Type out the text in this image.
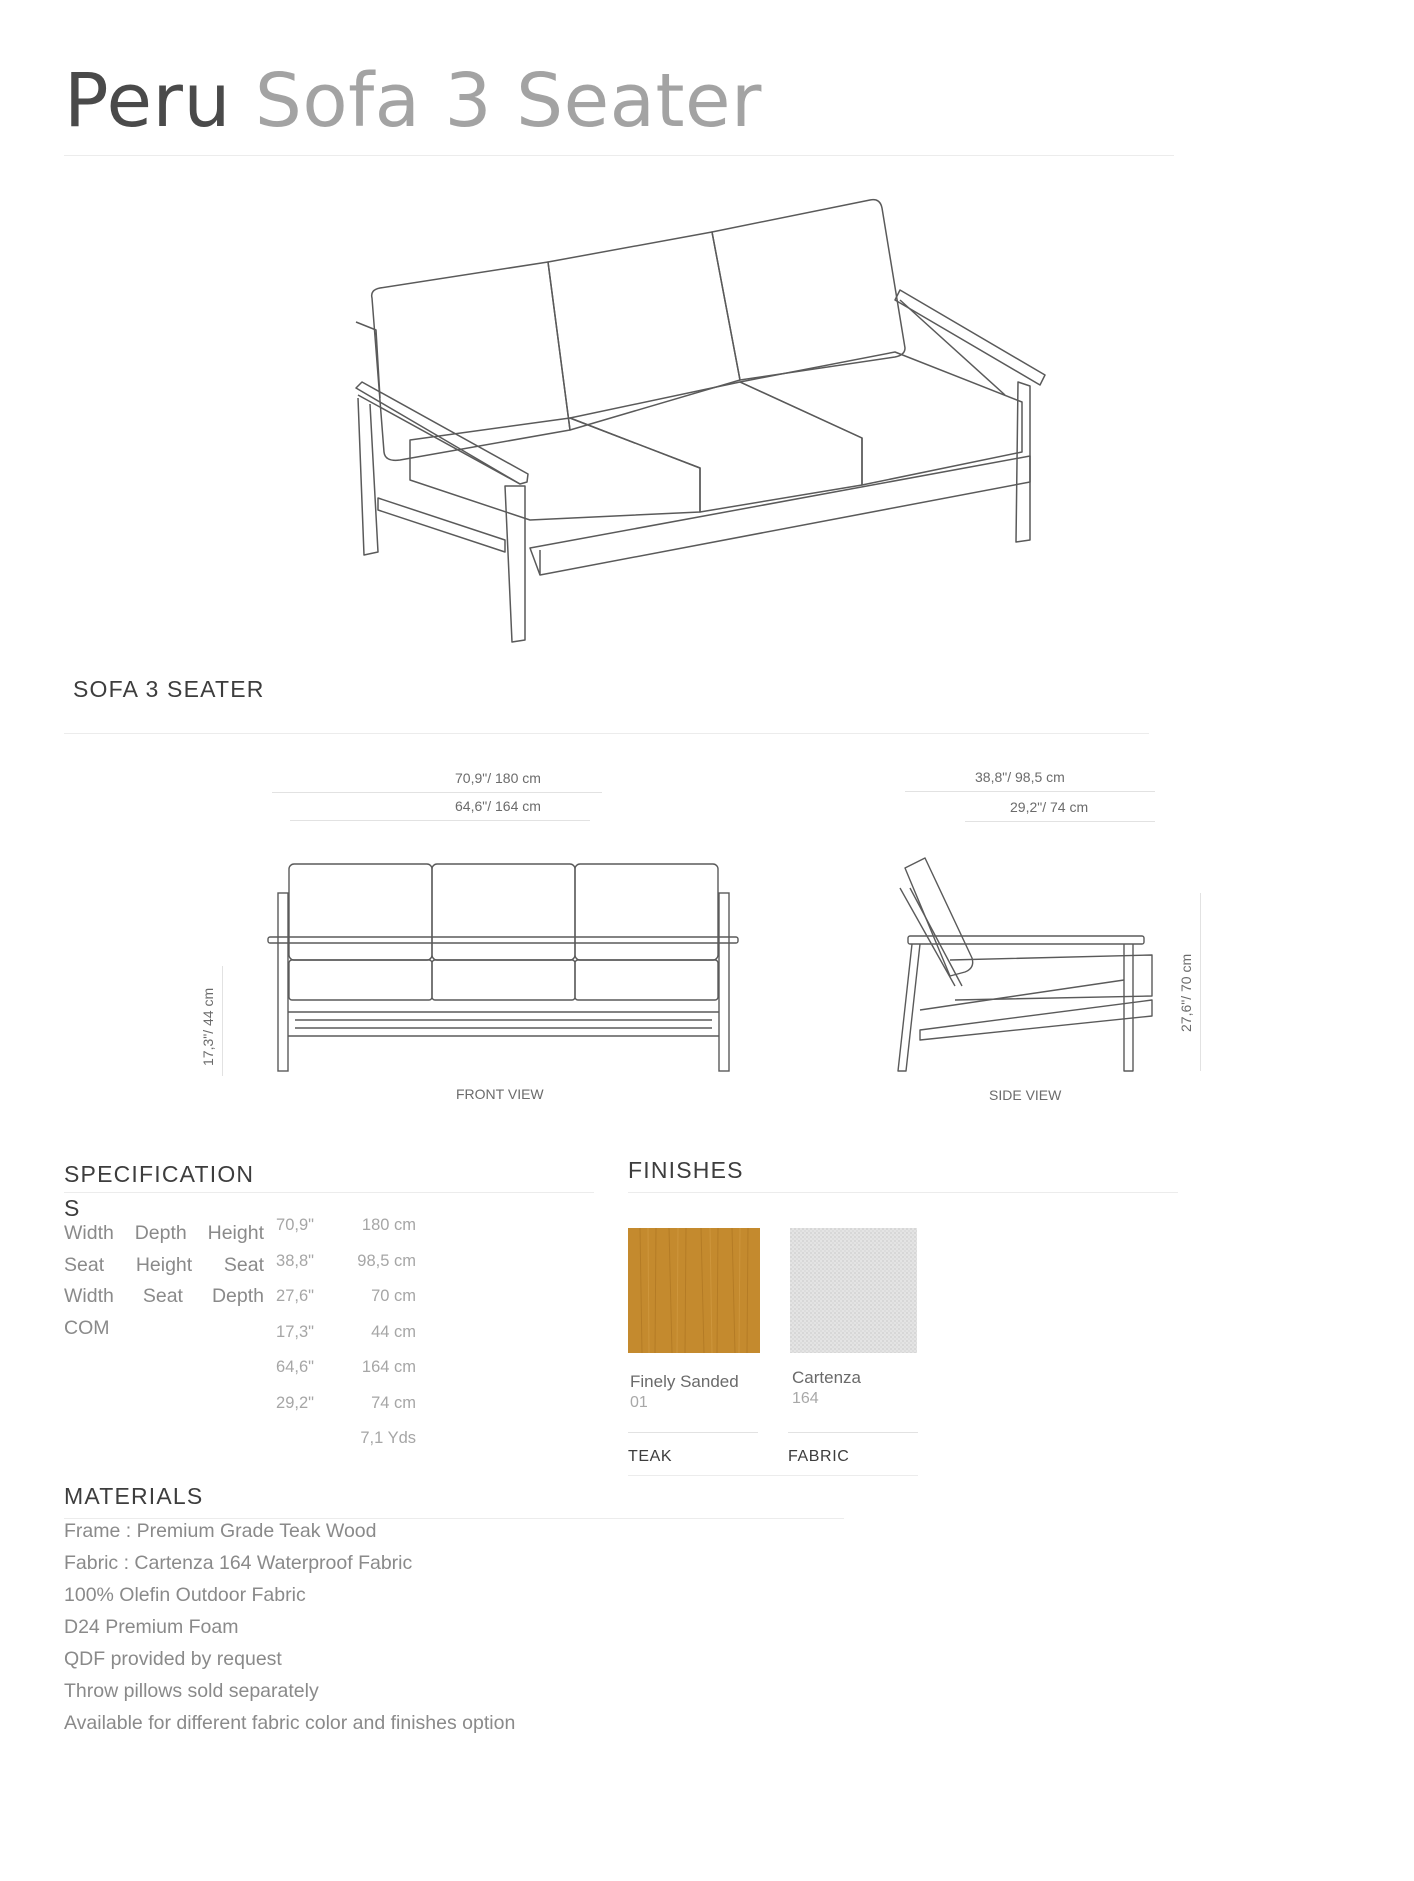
Peru Sofa 3 Seater
SOFA 3 SEATER
70,9"/ 180 cm
64,6"/ 164 cm
17,3"/ 44 cm
FRONT VIEW
38,8"/ 98,5 cm
29,2"/ 74 cm
27,6"/ 70 cm
SIDE VIEW
SPECIFICATIONS
Width Depth Height Seat Height Seat Width Seat Depth COM
70,9"
38,8"
27,6"
17,3"
64,6"
29,2"
180 cm
98,5 cm
70 cm
44 cm
164 cm
74 cm
7,1 Yds
FINISHES
Finely Sanded
01
TEAK
Cartenza
164
FABRIC
MATERIALS
Frame : Premium Grade Teak Wood
Fabric : Cartenza 164 Waterproof Fabric
100% Olefin Outdoor Fabric
D24 Premium Foam
QDF provided by request
Throw pillows sold separately
Available for different fabric color and finishes option
